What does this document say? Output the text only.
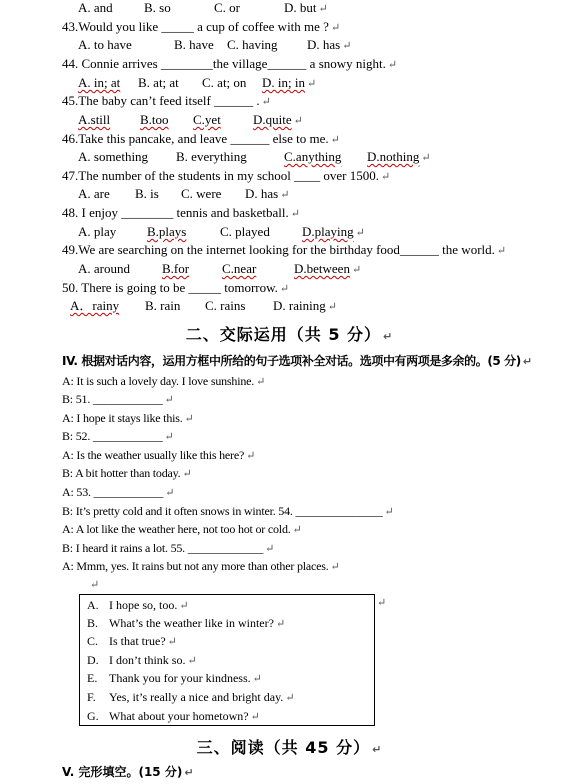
A. and B. so	C. or	D. but ↵
43.Would you like _____ a cup of coffee with me ? ↵
A. to have	B. have C. having D. has ↵
44. Connie arrives ________the village______ a snowy night. ↵
A. in; at B. at; at C. at; on D. in; in ↵
45.The baby can’t feed itself ______ . ↵
A.still B.too C.yet D.quite ↵
46.Take this pancake, and leave ______ else to me. ↵
A. something B. everything	C.anything D.nothing ↵
47.The number of the students in my school ____ over 1500. ↵
A. are B. is C. were D. has ↵
48. I enjoy ________ tennis and basketball. ↵
A. play B.plays	C. played D.playing ↵
49.We are searching on the internet looking for the birthday food______ the world. ↵
A. around B.for	C.near	D.between ↵
50. There is going to be _____ tomorrow. ↵
A．rainy B. rain C. rains D. raining ↵
二、交际运用（共 5 分） ↵
IV. 根据对话内容，运用方框中所给的句子选项补全对话。选项中有两项是多余的。(5 分) ↵
A: It is such a lovely day. I love sunshine. ↵
B: 51. ____________ ↵
A: I hope it stays like this. ↵
B: 52. ____________ ↵
A: Is the weather usually like this here? ↵
B: A bit hotter than today. ↵
A: 53. ____________ ↵
B: It’s pretty cold and it often snows in winter. 54. _______________ ↵
A: A lot like the weather here, not too hot or cold. ↵
B: I heard it rains a lot. 55. _____________ ↵
A: Mmm, yes. It rains but not any more than other places. ↵
↵
A. I hope so, too. ↵
B. What’s the weather like in winter? ↵
C. Is that true? ↵
D. I don’t think so. ↵
E. Thank you for your kindness. ↵
F. Yes, it’s really a nice and bright day. ↵
G. What about your hometown? ↵
↵
三、阅读（共 45 分） ↵
V. 完形填空。(15 分) ↵
